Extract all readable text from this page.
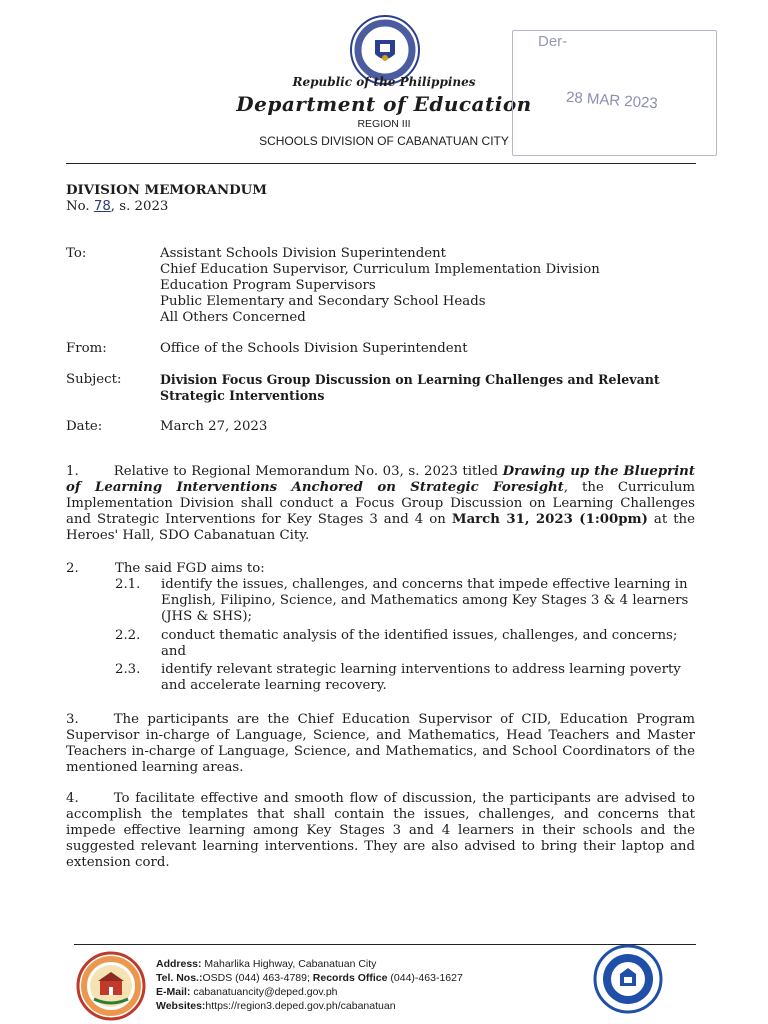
Republic of the Philippines
Department of Education
REGION III
SCHOOLS DIVISION OF CABANATUAN CITY
Der-
28 MAR 2023
DIVISION MEMORANDUM
No. 78, s. 2023
To:	Assistant Schools Division Superintendent
Chief Education Supervisor, Curriculum Implementation Division
Education Program Supervisors
Public Elementary and Secondary School Heads
All Others Concerned
From:	Office of the Schools Division Superintendent
Subject:	Division Focus Group Discussion on Learning Challenges and Relevant
Strategic Interventions
Date:	March 27, 2023
1.	Relative to Regional Memorandum No. 03, s. 2023 titled Drawing up the Blueprint of Learning Interventions Anchored on Strategic Foresight, the Curriculum Implementation Division shall conduct a Focus Group Discussion on Learning Challenges and Strategic Interventions for Key Stages 3 and 4 on March 31, 2023 (1:00pm) at the Heroes' Hall, SDO Cabanatuan City.
2.	The said FGD aims to:
2.1. identify the issues, challenges, and concerns that impede effective learning in
English, Filipino, Science, and Mathematics among Key Stages 3 & 4 learners
(JHS & SHS);
2.2. conduct thematic analysis of the identified issues, challenges, and concerns;
and
2.3. identify relevant strategic learning interventions to address learning poverty
and accelerate learning recovery.
3.	The participants are the Chief Education Supervisor of CID, Education Program Supervisor in-charge of Language, Science, and Mathematics, Head Teachers and Master Teachers in-charge of Language, Science, and Mathematics, and School Coordinators of the mentioned learning areas.
4.	To facilitate effective and smooth flow of discussion, the participants are advised to accomplish the templates that shall contain the issues, challenges, and concerns that impede effective learning among Key Stages 3 and 4 learners in their schools and the suggested relevant learning interventions. They are also advised to bring their laptop and extension cord.
Address: Maharlika Highway, Cabanatuan City
Tel. Nos.:OSDS (044) 463-4789; Records Office (044)-463-1627
E-Mail: cabanatuancity@deped.gov.ph
Websites:https://region3.deped.gov.ph/cabanatuan
